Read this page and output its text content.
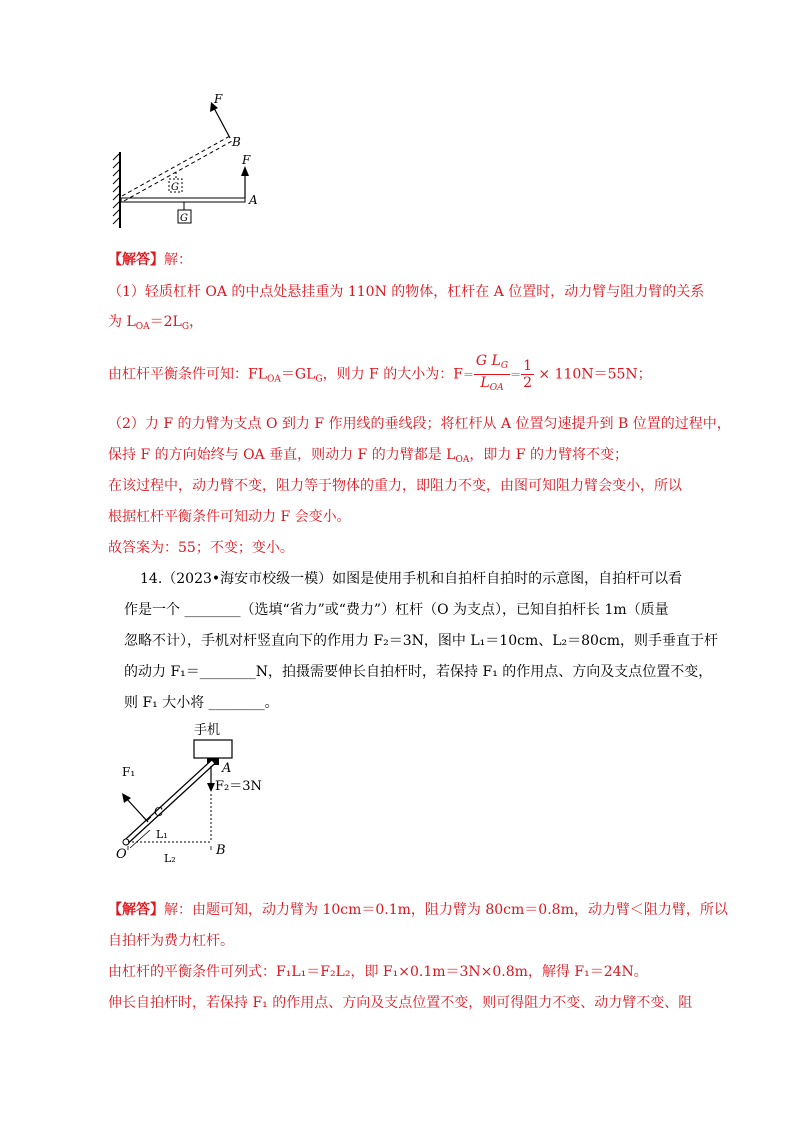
F
B
F
A
G
G
【解答】解：
（1）轻质杠杆 OA 的中点处悬挂重为 110N 的物体，杠杆在 A 位置时，动力臂与阻力臂的关系
为 $L_{OA}=2L_G$，
由杠杆平衡条件可知：$FL_{OA}=GL_G$，则力 F 的大小为：$F= \frac{G L_G}{L_{OA}} = \frac{1}{2} \times 110N=55N$；
（2）力 F 的力臂为支点 O 到力 F 作用线的垂线段；将杠杆从 A 位置匀速提升到 B 位置的过程中，
保持 F 的方向始终与 OA 垂直，则动力 F 的力臂都是 $L_{OA}$，即力 F 的力臂将不变；
在该过程中，动力臂不变，阻力等于物体的重力，即阻力不变，由图可知阻力臂会变小，所以
根据杠杆平衡条件可知动力 F 会变小。
故答案为：55；不变；变小。
14.（2023•海安市校级一模）如图是使用手机和自拍杆自拍时的示意图，自拍杆可以看
作是一个 ________（选填“省力”或“费力”）杠杆（O 为支点），已知自拍杆长 1m（质量
忽略不计），手机对杆竖直向下的作用力 F₂＝3N，图中 L₁＝10cm、L₂＝80cm，则手垂直于杆
的动力 F₁＝________N，拍摄需要伸长自拍杆时，若保持 F₁ 的作用点、方向及支点位置不变，
则 F₁ 大小将 ________。
手机
F₁	A
F₂＝3N
C
L₁
O	B
L₂
【解答】解：由题可知，动力臂为 10cm＝0.1m，阻力臂为 80cm＝0.8m，动力臂＜阻力臂，所以
自拍杆为费力杠杆。
由杠杆的平衡条件可列式：F₁L₁＝F₂L₂，即 F₁×0.1m＝3N×0.8m，解得 F₁＝24N。
伸长自拍杆时，若保持 F₁ 的作用点、方向及支点位置不变，则可得阻力不变、动力臂不变、阻
